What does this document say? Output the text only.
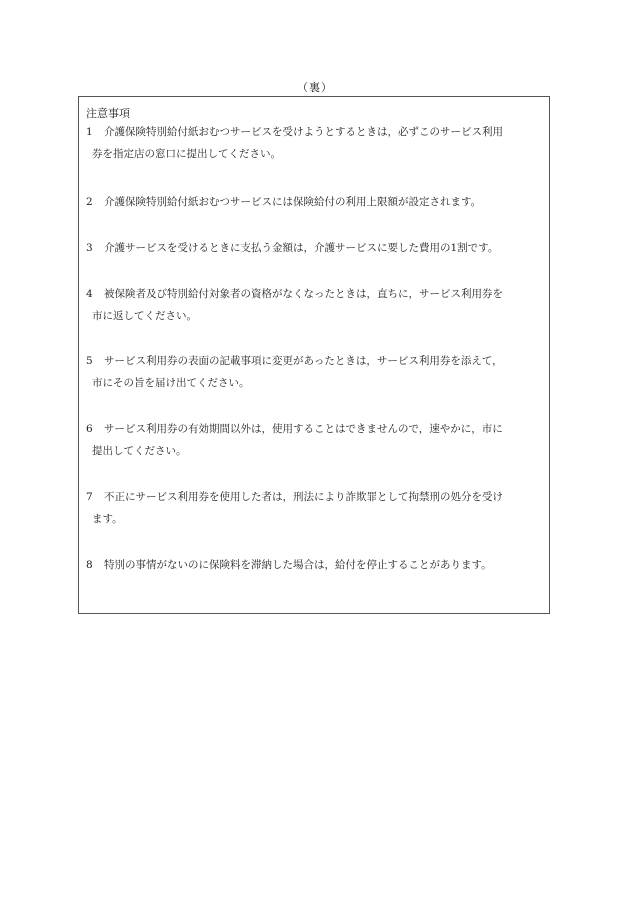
（裏）
注意事項
1 介護保険特別給付紙おむつサービスを受けようとするときは，必ずこのサービス利用
券を指定店の窓口に提出してください。
2 介護保険特別給付紙おむつサービスには保険給付の利用上限額が設定されます。
3 介護サービスを受けるときに支払う金額は，介護サービスに要した費用の1割です。
4 被保険者及び特別給付対象者の資格がなくなったときは，直ちに，サービス利用券を
市に返してください。
5 サービス利用券の表面の記載事項に変更があったときは，サービス利用券を添えて，
市にその旨を届け出てください。
6 サービス利用券の有効期間以外は，使用することはできませんので，速やかに，市に
提出してください。
7 不正にサービス利用券を使用した者は，刑法により詐欺罪として拘禁刑の処分を受け
ます。
8 特別の事情がないのに保険料を滞納した場合は，給付を停止することがあります。
